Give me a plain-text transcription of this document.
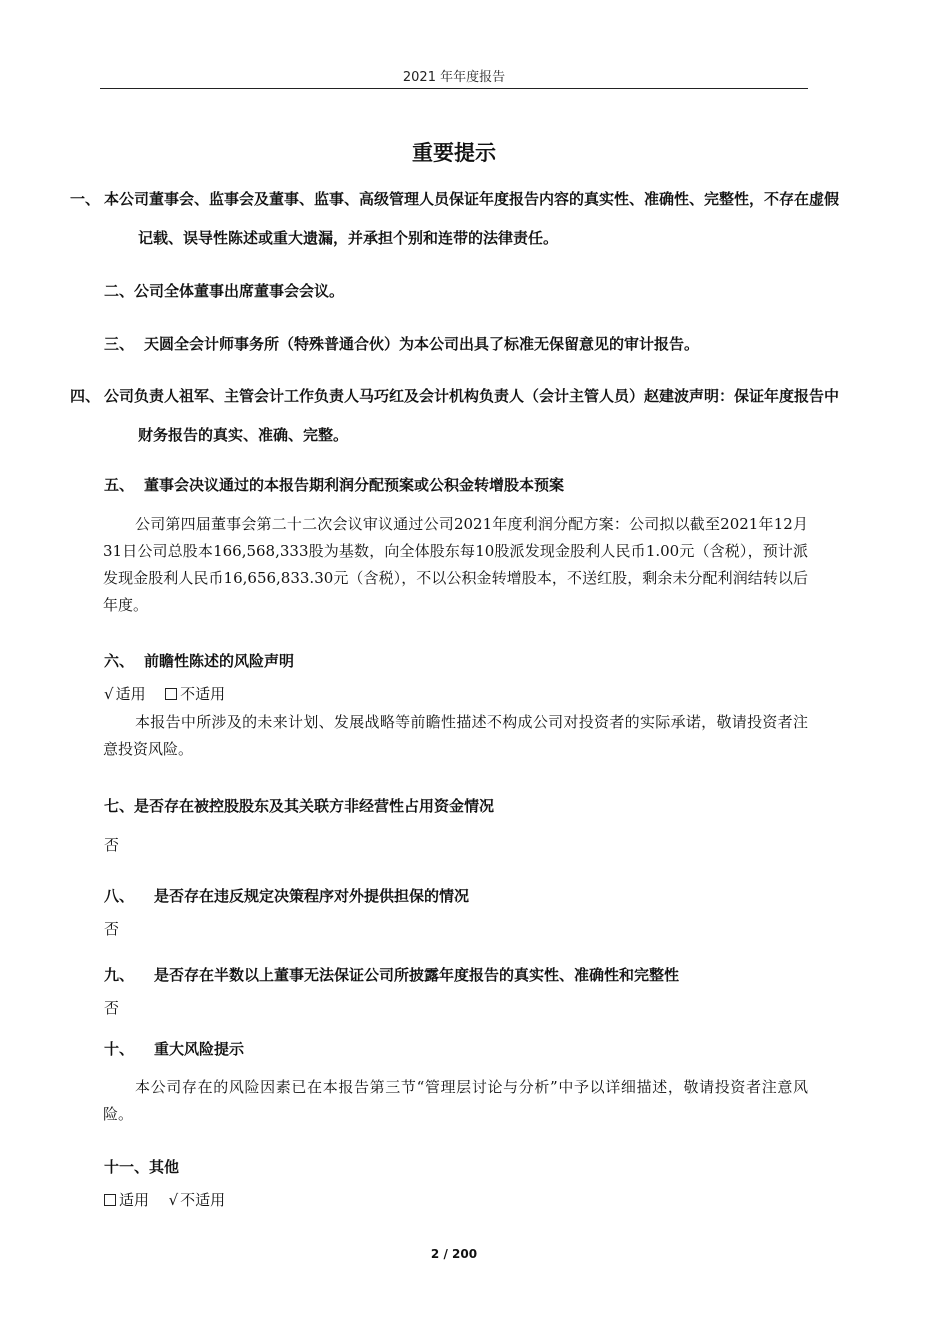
2021 年年度报告
重要提示
一、 本公司董事会、监事会及董事、监事、高级管理人员保证年度报告内容的真实性、准确性、完整性，不存在虚假记载、误导性陈述或重大遗漏，并承担个别和连带的法律责任。
二、公司全体董事出席董事会会议。
三、 天圆全会计师事务所（特殊普通合伙）为本公司出具了标准无保留意见的审计报告。
四、 公司负责人祖军、主管会计工作负责人马巧红及会计机构负责人（会计主管人员）赵建波声明：保证年度报告中财务报告的真实、准确、完整。
五、 董事会决议通过的本报告期利润分配预案或公积金转增股本预案
公司第四届董事会第二十二次会议审议通过公司2021年度利润分配方案：公司拟以截至2021年12月31日公司总股本166,568,333股为基数，向全体股东每10股派发现金股利人民币1.00元（含税），预计派发现金股利人民币16,656,833.30元（含税），不以公积金转增股本，不送红股，剩余未分配利润结转以后年度。
六、 前瞻性陈述的风险声明
√ 适用 不适用
本报告中所涉及的未来计划、发展战略等前瞻性描述不构成公司对投资者的实际承诺，敬请投资者注意投资风险。
七、是否存在被控股股东及其关联方非经营性占用资金情况
否
八、 是否存在违反规定决策程序对外提供担保的情况
否
九、 是否存在半数以上董事无法保证公司所披露年度报告的真实性、准确性和完整性
否
十、 重大风险提示
本公司存在的风险因素已在本报告第三节“管理层讨论与分析”中予以详细描述，敬请投资者注意风险。
十一、其他
适用 √ 不适用
2 / 200
